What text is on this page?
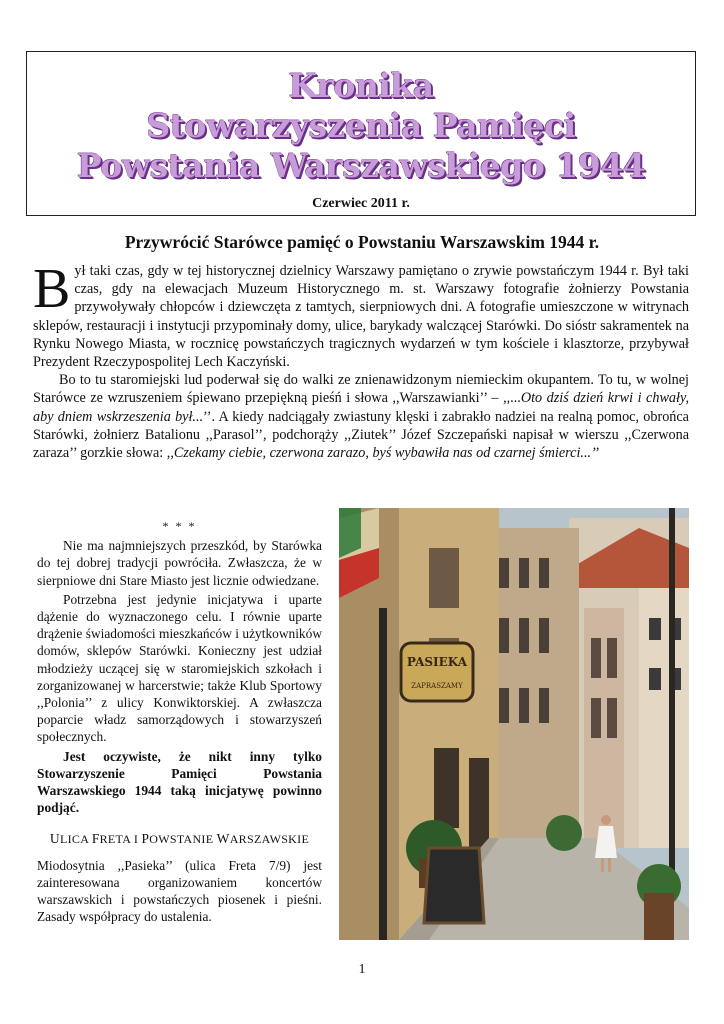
Kronika
Stowarzyszenia Pamięci
Powstania Warszawskiego 1944
Czerwiec 2011 r.
Przywrócić Starówce pamięć o Powstaniu Warszawskim 1944 r.

Był taki czas, gdy w tej historycznej dzielnicy Warszawy pamiętano o zrywie powstańczym 1944 r. Był taki czas, gdy na elewacjach Muzeum Historycznego m. st. Warszawy fotografie żołnierzy Powstania przywoływały chłopców i dziewczęta z tamtych, sierpniowych dni. A fotografie umieszczone w witrynach sklepów, restauracji i instytucji przypominały domy, ulice, barykady walczącej Starówki. Do sióstr sakramentek na Rynku Nowego Miasta, w rocznicę powstańczych tragicznych wydarzeń w tym kościele i klasztorze, przybywał Prezydent Rzeczypospolitej Lech Kaczyński.

Bo to tu staromiejski lud poderwał się do walki ze znienawidzonym niemieckim okupantem. To tu, w wolnej Starówce ze wzruszeniem śpiewano przepiękną pieśń i słowa ,,Warszawianki’’ – ,,...Oto dziś dzień krwi i chwały, aby dniem wskrzeszenia był...’’. A kiedy nadciągały zwiastuny klęski i zabrakło nadziei na realną pomoc, obrońca Starówki, żołnierz Batalionu ,,Parasol’’, podchorąży ,,Ziutek’’ Józef Szczepański napisał w wierszu ,,Czerwona zaraza’’ gorzkie słowa: ,,Czekamy ciebie, czerwona zarazo, byś wybawiła nas od czarnej śmierci...’’

* * *

Nie ma najmniejszych przeszkód, by Starówka do tej dobrej tradycji powróciła. Zwłaszcza, że w sierpniowe dni Stare Miasto jest licznie odwiedzane.

Potrzebna jest jedynie inicjatywa i uparte dążenie do wyznaczonego celu. I równie uparte drążenie świadomości mieszkańców i użytkowników domów, sklepów Starówki. Konieczny jest udział młodzieży uczącej się w staromiejskich szkołach i zorganizowanej w harcerstwie; także Klub Sportowy ,,Polonia’’ z ulicy Konwiktorskiej. A zwłaszcza poparcie władz samorządowych i stowarzyszeń społecznych.

Jest oczywiste, że nikt inny tylko Stowarzyszenie Pamięci Powstania Warszawskiego 1944 taką inicjatywę powinno podjąć.

ULICA FRETA I POWSTANIE WARSZAWSKIE

Miodosytnia ,,Pasieka’’ (ulica Freta 7/9) jest zainteresowana organizowaniem koncertów warszawskich i powstańczych piosenek i pieśni. Zasady współpracy do ustalenia.

PASIEKA
ZAPRASZAMY
1
